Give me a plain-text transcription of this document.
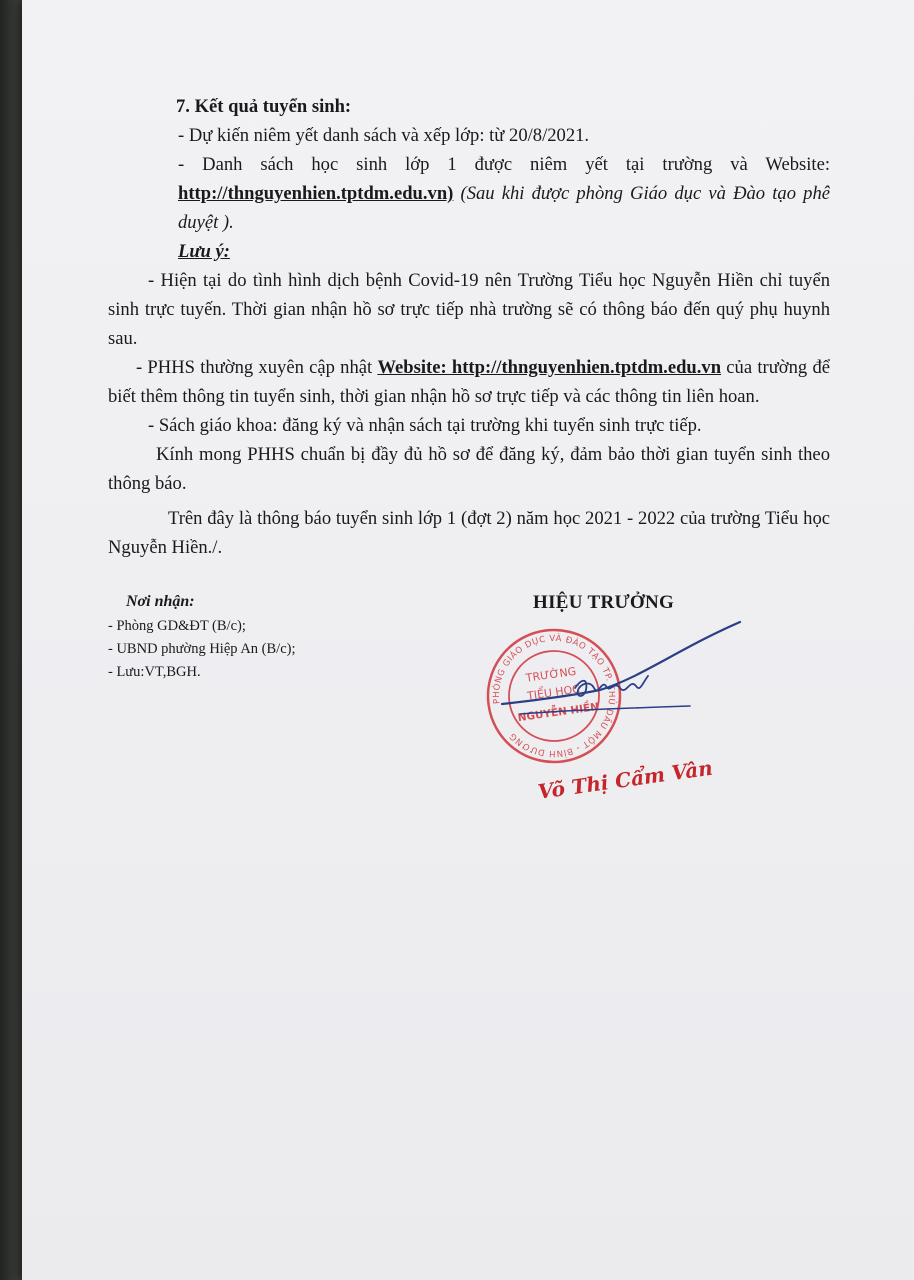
7. Kết quả tuyển sinh:

- Dự kiến niêm yết danh sách và xếp lớp: từ 20/8/2021.

- Danh sách học sinh lớp 1 được niêm yết tại trường và Website: http://thnguyenhien.tptdm.edu.vn) (Sau khi được phòng Giáo dục và Đào tạo phê duyệt ).

Lưu ý:

- Hiện tại do tình hình dịch bệnh Covid-19 nên Trường Tiểu học Nguyễn Hiền chỉ tuyển sinh trực tuyến. Thời gian nhận hồ sơ trực tiếp nhà trường sẽ có thông báo đến quý phụ huynh sau.

- PHHS thường xuyên cập nhật Website: http://thnguyenhien.tptdm.edu.vn của trường để biết thêm thông tin tuyển sinh, thời gian nhận hồ sơ trực tiếp và các thông tin liên hoan.

- Sách giáo khoa: đăng ký và nhận sách tại trường khi tuyển sinh trực tiếp.

Kính mong PHHS chuẩn bị đầy đủ hồ sơ để đăng ký, đảm bảo thời gian tuyển sinh theo thông báo.

Trên đây là thông báo tuyển sinh lớp 1 (đợt 2) năm học 2021 - 2022 của trường Tiểu học Nguyễn Hiền./.

Nơi nhận:
- Phòng GD&ĐT (B/c);
- UBND phường Hiệp An (B/c);
- Lưu:VT,BGH.
HIỆU TRƯỞNG
PHÒNG GIÁO DỤC VÀ ĐÀO TẠO TP. THỦ DẦU MỘT - BÌNH DƯƠNG
TRƯỜNG
TIỂU HỌC
NGUYỄN HIỀN
Võ Thị Cẩm Vân
